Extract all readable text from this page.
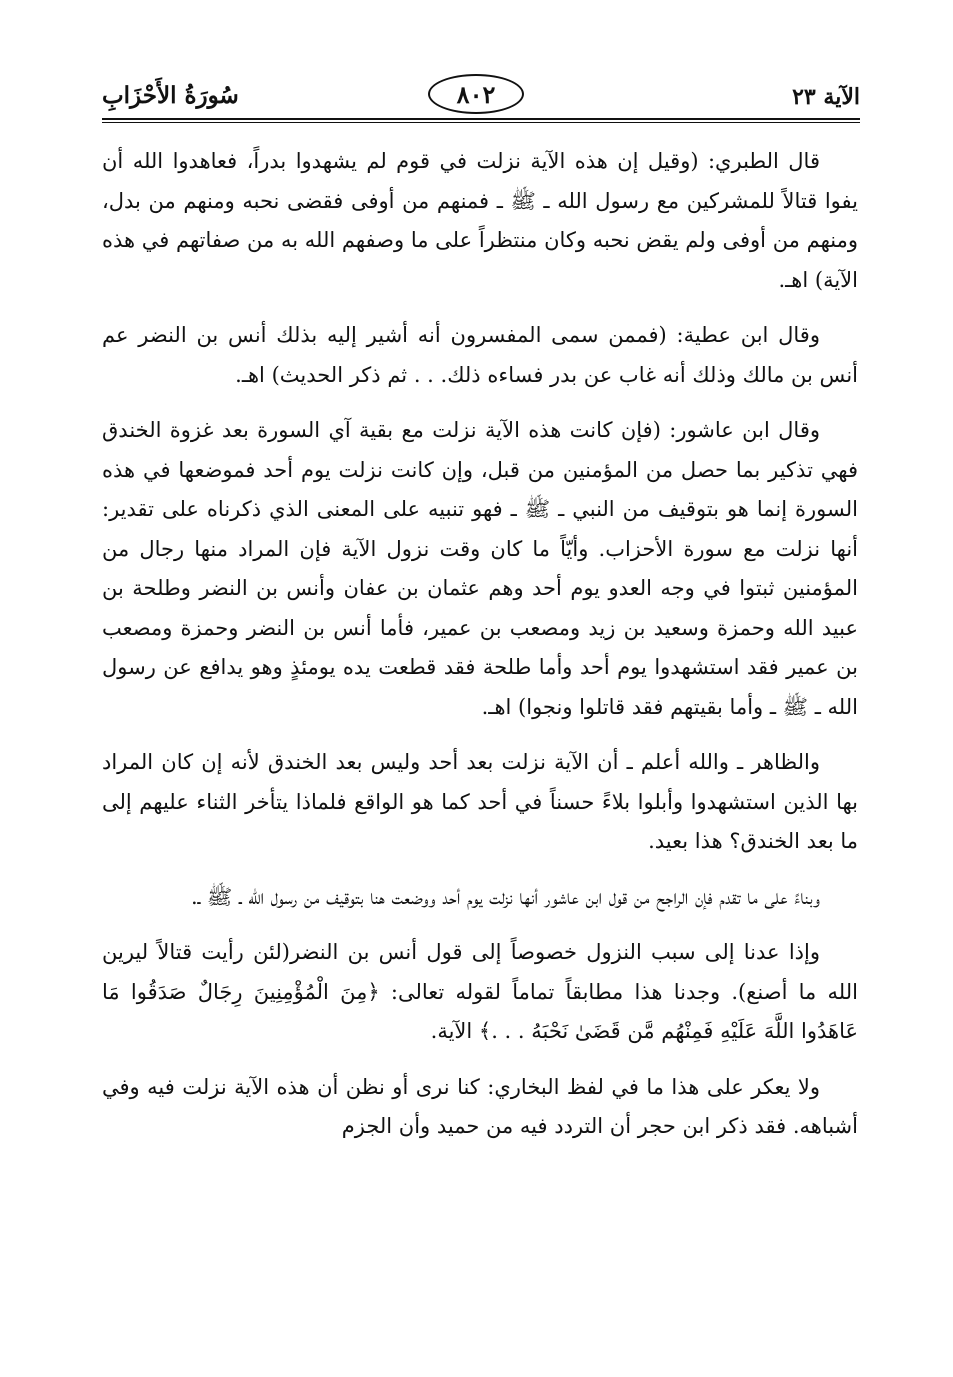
الآية ٢٣
٨٠٢
سُورَةُ الأَحْزَابِ

قال الطبري: (وقيل إن هذه الآية نزلت في قوم لم يشهدوا بدراً، فعاهدوا الله أن يفوا قتالاً للمشركين مع رسول الله ـ ﷺ ـ فمنهم من أوفى فقضى نحبه ومنهم من بدل، ومنهم من أوفى ولم يقض نحبه وكان منتظراً على ما وصفهم الله به من صفاتهم في هذه الآية) اهـ.

وقال ابن عطية: (فممن سمى المفسرون أنه أشير إليه بذلك أنس بن النضر عم أنس بن مالك وذلك أنه غاب عن بدر فساءه ذلك. . . ثم ذكر الحديث) اهـ.

وقال ابن عاشور: (فإن كانت هذه الآية نزلت مع بقية آي السورة بعد غزوة الخندق فهي تذكير بما حصل من المؤمنين من قبل، وإن كانت نزلت يوم أحد فموضعها في هذه السورة إنما هو بتوقيف من النبي ـ ﷺ ـ فهو تنبيه على المعنى الذي ذكرناه على تقدير: أنها نزلت مع سورة الأحزاب. وأيّاً ما كان وقت نزول الآية فإن المراد منها رجال من المؤمنين ثبتوا في وجه العدو يوم أحد وهم عثمان بن عفان وأنس بن النضر وطلحة بن عبيد الله وحمزة وسعيد بن زيد ومصعب بن عمير، فأما أنس بن النضر وحمزة ومصعب بن عمير فقد استشهدوا يوم أحد وأما طلحة فقد قطعت يده يومئذٍ وهو يدافع عن رسول الله ـ ﷺ ـ وأما بقيتهم فقد قاتلوا ونجوا) اهـ.

والظاهر ـ والله أعلم ـ أن الآية نزلت بعد أحد وليس بعد الخندق لأنه إن كان المراد بها الذين استشهدوا وأبلوا بلاءً حسناً في أحد كما هو الواقع فلماذا يتأخر الثناء عليهم إلى ما بعد الخندق؟ هذا بعيد.

وبناءً على ما تقدم فإن الراجح من قول ابن عاشور أنها نزلت يوم أحد ووضعت هنا بتوقيف من رسول الله ـ ﷺ ـ.

وإذا عدنا إلى سبب النزول خصوصاً إلى قول أنس بن النضر(لئن رأيت قتالاً ليرين الله ما أصنع). وجدنا هذا مطابقاً تماماً لقوله تعالى: ﴿مِنَ الْمُؤْمِنِينَ رِجَالٌ صَدَقُوا مَا عَاهَدُوا اللَّهَ عَلَيْهِ فَمِنْهُم مَّن قَضَىٰ نَحْبَهُ . . .﴾ الآية.

ولا يعكر على هذا ما في لفظ البخاري: كنا نرى أو نظن أن هذه الآية نزلت فيه وفي أشباهه. فقد ذكر ابن حجر أن التردد فيه من حميد وأن الجزم
